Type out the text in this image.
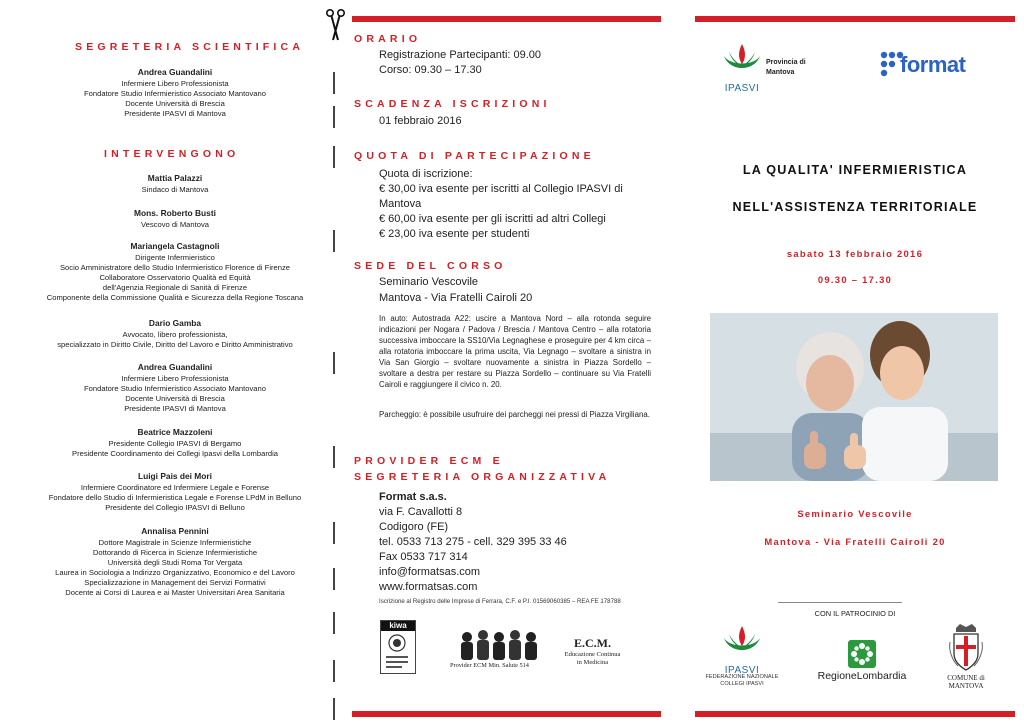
SEGRETERIA SCIENTIFICA
Andrea Guandalini
Infermiere Libero Professionista
Fondatore Studio Infermieristico Associato Mantovano
Docente Università di Brescia
Presidente IPASVI di Mantova
INTERVENGONO
Mattia Palazzi
Sindaco di Mantova
Mons. Roberto Busti
Vescovo di Mantova
Mariangela Castagnoli
Dirigente Infermieristico
Socio Amministratore dello Studio Infermieristico Florence di Firenze
Collaboratore Osservatorio Qualità ed Equità
dell'Agenzia Regionale di Sanità di Firenze
Componente della Commissione Qualità e Sicurezza della Regione Toscana
Dario Gamba
Avvocato, libero professionista,
specializzato in Diritto Civile, Diritto del Lavoro e Diritto Amministrativo
Andrea Guandalini
Infermiere Libero Professionista
Fondatore Studio Infermieristico Associato Mantovano
Docente Università di Brescia
Presidente IPASVI di Mantova
Beatrice Mazzoleni
Presidente Collegio IPASVI di Bergamo
Presidente Coordinamento dei Collegi Ipasvi della Lombardia
Luigi Pais dei Mori
Infermiere Coordinatore ed Infermiere Legale e Forense
Fondatore dello Studio di Infermieristica Legale e Forense LPdM in Belluno
Presidente del Collegio IPASVI di Belluno
Annalisa Pennini
Dottore Magistrale in Scienze Infermieristiche
Dottorando di Ricerca in Scienze Infermieristiche
Università degli Studi Roma Tor Vergata
Laurea in Sociologia a Indirizzo Organizzativo, Economico e del Lavoro
Specializzazione in Management dei Servizi Formativi
Docente ai Corsi di Laurea e ai Master Universitari Area Sanitaria
ORARIO
Registrazione Partecipanti: 09.00
Corso: 09.30 – 17.30
SCADENZA ISCRIZIONI
01 febbraio 2016
QUOTA DI PARTECIPAZIONE
Quota di iscrizione:
€ 30,00 iva esente per iscritti al Collegio IPASVI di
Mantova
€ 60,00 iva esente per gli iscritti ad altri Collegi
€ 23,00 iva esente per studenti
SEDE DEL CORSO
Seminario Vescovile
Mantova - Via Fratelli Cairoli 20
In auto: Autostrada A22: uscire a Mantova Nord – alla rotonda seguire indicazioni per Nogara / Padova / Brescia / Mantova Centro – alla rotatoria successiva imboccare la SS10/Via Legnaghese e proseguire per 4 km circa – alla rotatoria imboccare la prima uscita, Via Legnago – svoltare a sinistra in Via San Giorgio – svoltare nuovamente a sinistra in Piazza Sordello – svoltare a destra per restare su Piazza Sordello – continuare su Via Fratelli Cairoli e raggiungere il civico n. 20.
Parcheggio: è possibile usufruire dei parcheggi nei pressi di Piazza Virgiliana.
PROVIDER ECM E
SEGRETERIA ORGANIZZATIVA
Format s.a.s.
via F. Cavallotti 8
Codigoro (FE)
tel. 0533 713 275 - cell. 329 395 33 46
Fax 0533 717 314
info@formatsas.com
www.formatsas.com
Iscrizione al Registro delle Imprese di Ferrara, C.F. e P.I. 01569060385 – REA FE 178788
kiwa
Provider ECM Min. Salute 514
E.C.M.
Educazione Continua
in Medicina
IPASVI
Provincia di
Mantova	format
LA QUALITA' INFERMIERISTICA
NELL'ASSISTENZA TERRITORIALE
sabato 13 febbraio 2016
09.30 – 17.30
Seminario Vescovile
Mantova - Via Fratelli Cairoli 20
CON IL PATROCINIO DI
IPASVI
FEDERAZIONE NAZIONALE
COLLEGI IPASVI
RegioneLombardia	COMUNE di
MANTOVA
